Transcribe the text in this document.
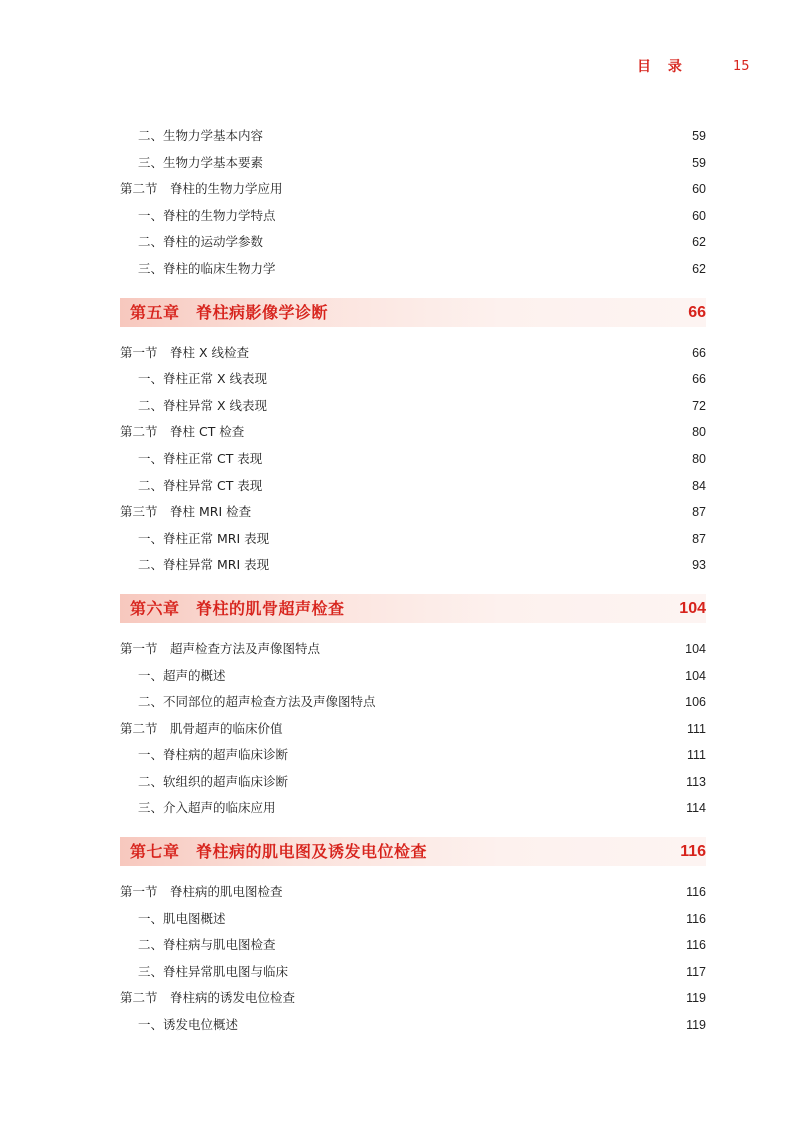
目 录	15
二、生物力学基本内容	59
三、生物力学基本要素	59
第二节　脊柱的生物力学应用	60
一、脊柱的生物力学特点	60
二、脊柱的运动学参数	62
三、脊柱的临床生物力学	62
第五章　脊柱病影像学诊断	66
第一节　脊柱 X 线检查	66
一、脊柱正常 X 线表现	66
二、脊柱异常 X 线表现	72
第二节　脊柱 CT 检查	80
一、脊柱正常 CT 表现	80
二、脊柱异常 CT 表现	84
第三节　脊柱 MRI 检查	87
一、脊柱正常 MRI 表现	87
二、脊柱异常 MRI 表现	93
第六章　脊柱的肌骨超声检查	104
第一节　超声检查方法及声像图特点	104
一、超声的概述	104
二、不同部位的超声检查方法及声像图特点	106
第二节　肌骨超声的临床价值	111
一、脊柱病的超声临床诊断	111
二、软组织的超声临床诊断	113
三、介入超声的临床应用	114
第七章　脊柱病的肌电图及诱发电位检查	116
第一节　脊柱病的肌电图检查	116
一、肌电图概述	116
二、脊柱病与肌电图检查	116
三、脊柱异常肌电图与临床	117
第二节　脊柱病的诱发电位检查	119
一、诱发电位概述	119
